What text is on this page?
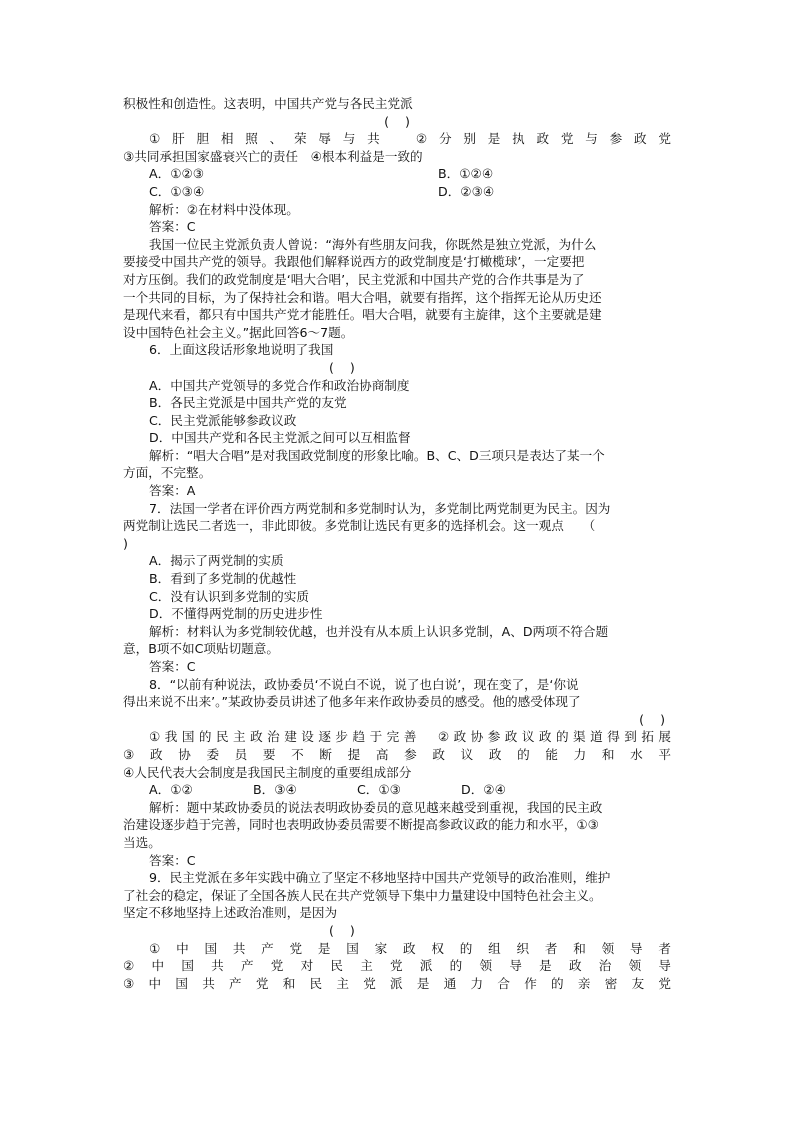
积极性和创造性。这表明，中国共产党与各民主党派
(    )
①肝胆相照、荣辱与共　②分别是执政党与参政党
③共同承担国家盛衰兴亡的责任　④根本利益是一致的
A．①②③	B．①②④
C．①③④	D．②③④
解析：②在材料中没体现。
答案：C
我国一位民主党派负责人曾说：“海外有些朋友问我，你既然是独立党派，为什么
要接受中国共产党的领导。我跟他们解释说西方的政党制度是‘打橄榄球’，一定要把
对方压倒。我们的政党制度是‘唱大合唱’，民主党派和中国共产党的合作共事是为了
一个共同的目标，为了保持社会和谐。唱大合唱，就要有指挥，这个指挥无论从历史还
是现代来看，都只有中国共产党才能胜任。唱大合唱，就要有主旋律，这个主要就是建
设中国特色社会主义。”据此回答6～7题。
6．上面这段话形象地说明了我国
(    )
A．中国共产党领导的多党合作和政治协商制度
B．各民主党派是中国共产党的友党
C．民主党派能够参政议政
D．中国共产党和各民主党派之间可以互相监督
解析：“唱大合唱”是对我国政党制度的形象比喻。B、C、D三项只是表达了某一个
方面，不完整。
答案：A
7．法国一学者在评价西方两党制和多党制时认为，多党制比两党制更为民主。因为
两党制让选民二者选一，非此即彼。多党制让选民有更多的选择机会。这一观点　　（
)
A．揭示了两党制的实质
B．看到了多党制的优越性
C．没有认识到多党制的实质
D．不懂得两党制的历史进步性
解析：材料认为多党制较优越，也并没有从本质上认识多党制，A、D两项不符合题
意，B项不如C项贴切题意。
答案：C
8．“以前有种说法，政协委员‘不说白不说，说了也白说’，现在变了，是‘你说
得出来说不出来’。”某政协委员讲述了他多年来作政协委员的感受。他的感受体现了
(    )
①我国的民主政治建设逐步趋于完善　②政协参政议政的渠道得到拓展
③政协委员要不断提高参政议政的能力和水平
④人民代表大会制度是我国民主制度的重要组成部分
A．①②	B．③④	C．①③	D．②④
解析：题中某政协委员的说法表明政协委员的意见越来越受到重视，我国的民主政
治建设逐步趋于完善，同时也表明政协委员需要不断提高参政议政的能力和水平，①③
当选。
答案：C
9．民主党派在多年实践中确立了坚定不移地坚持中国共产党领导的政治准则，维护
了社会的稳定，保证了全国各族人民在共产党领导下集中力量建设中国特色社会主义。
坚定不移地坚持上述政治准则，是因为
(    )
①中国共产党是国家政权的组织者和领导者
②中国共产党对民主党派的领导是政治领导
③中国共产党和民主党派是通力合作的亲密友党
